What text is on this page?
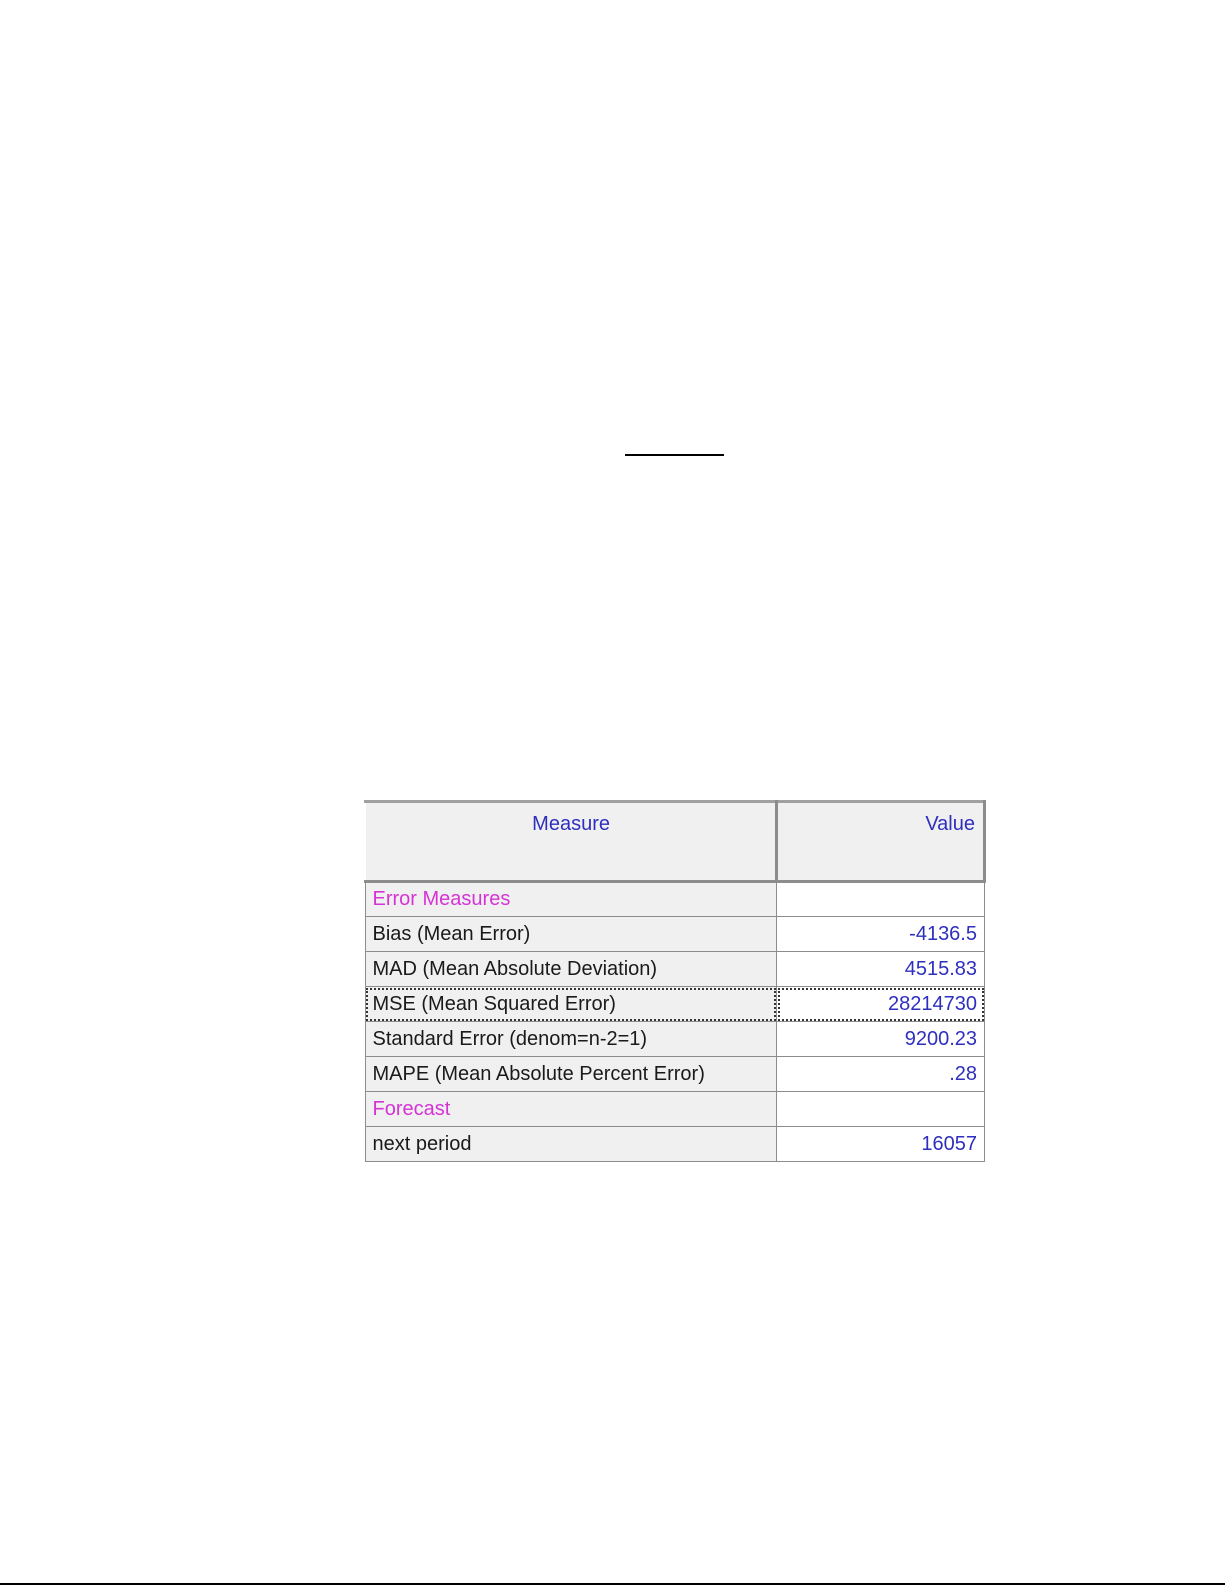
Measure	Value
Error Measures	
Bias (Mean Error)	-4136.5
MAD (Mean Absolute Deviation)	4515.83
MSE (Mean Squared Error)	28214730
Standard Error (denom=n-2=1)	9200.23
MAPE (Mean Absolute Percent Error)	.28
Forecast	
next period	16057
